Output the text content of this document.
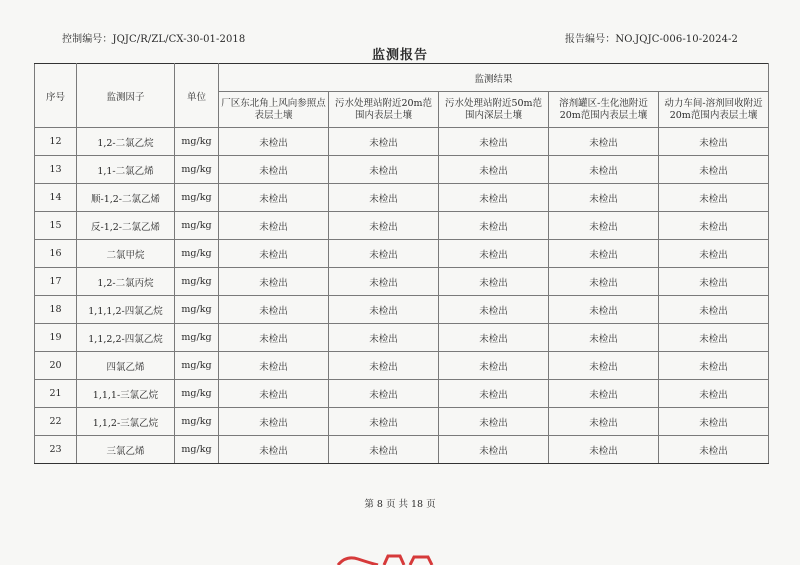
控制编号：JQJC/R/ZL/CX-30-01-2018	报告编号：NO.JQJC-006-10-2024-2
监测报告
序号	监测因子	单位	监测结果				
			厂区东北角上风向参照点表层土壤	污水处理站附近20m范围内表层土壤	污水处理站附近50m范围内深层土壤	溶剂罐区-生化池附近20m范围内表层土壤	动力车间-溶剂回收附近20m范围内表层土壤
12	1,2-二氯乙烷	mg/kg	未检出	未检出	未检出	未检出	未检出
13	1,1-二氯乙烯	mg/kg	未检出	未检出	未检出	未检出	未检出
14	顺-1,2-二氯乙烯	mg/kg	未检出	未检出	未检出	未检出	未检出
15	反-1,2-二氯乙烯	mg/kg	未检出	未检出	未检出	未检出	未检出
16	二氯甲烷	mg/kg	未检出	未检出	未检出	未检出	未检出
17	1,2-二氯丙烷	mg/kg	未检出	未检出	未检出	未检出	未检出
18	1,1,1,2-四氯乙烷	mg/kg	未检出	未检出	未检出	未检出	未检出
19	1,1,2,2-四氯乙烷	mg/kg	未检出	未检出	未检出	未检出	未检出
20	四氯乙烯	mg/kg	未检出	未检出	未检出	未检出	未检出
21	1,1,1-三氯乙烷	mg/kg	未检出	未检出	未检出	未检出	未检出
22	1,1,2-三氯乙烷	mg/kg	未检出	未检出	未检出	未检出	未检出
23	三氯乙烯	mg/kg	未检出	未检出	未检出	未检出	未检出
第 8 页 共 18 页
